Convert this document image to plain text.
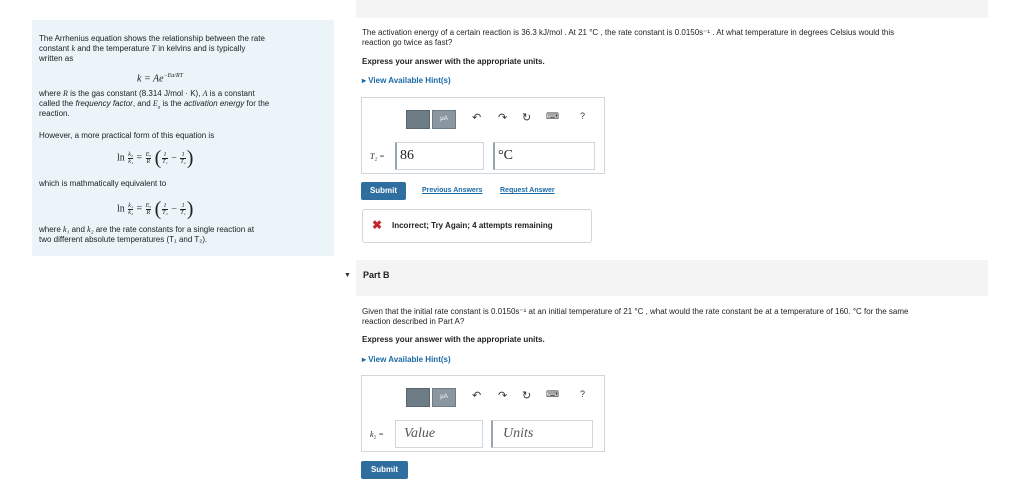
The Arrhenius equation shows the relationship between the rate
constant k and the temperature T in kelvins and is typically
written as
$k = Ae^{-Ea/RT}$
where R is the gas constant (8.314 J/mol · K), A is a constant
called the frequency factor, and $E_a$ is the activation energy for the
reaction.
However, a more practical form of this equation is
$\ln \frac{\text{k₂}}{\text{k₁}} = \frac{\text{Eₐ}}{R}$ ( $\frac{1}{\text{T₁}} - \frac{1}{\text{T₂}}$ )
which is mathmatically equivalent to
$\ln \frac{\text{k₁}}{\text{k₂}} = \frac{\text{Eₐ}}{R}$ ( $\frac{1}{\text{T₂}} - \frac{1}{\text{T₁}}$ )
where k₁ and k₂ are the rate constants for a single reaction at
two different absolute temperatures (T₁ and T₂).
The activation energy of a certain reaction is 36.3 kJ/mol . At 21 °C , the rate constant is 0.0150s⁻¹ . At what temperature in degrees Celsius would this
reaction go twice as fast?
Express your answer with the appropriate units.
▸ View Available Hint(s)
μA	↶ ↷ ↻ ⌨ ?
T₂ = 86	°C
Submit	Previous Answers	Request Answer
✖ Incorrect; Try Again; 4 attempts remaining
▼ Part B
Given that the initial rate constant is 0.0150s⁻¹ at an initial temperature of 21 °C , what would the rate constant be at a temperature of 160. °C for the same
reaction described in Part A?
Express your answer with the appropriate units.
▸ View Available Hint(s)
μA	↶ ↷ ↻ ⌨ ?
k₂ = Value	Units
Submit
